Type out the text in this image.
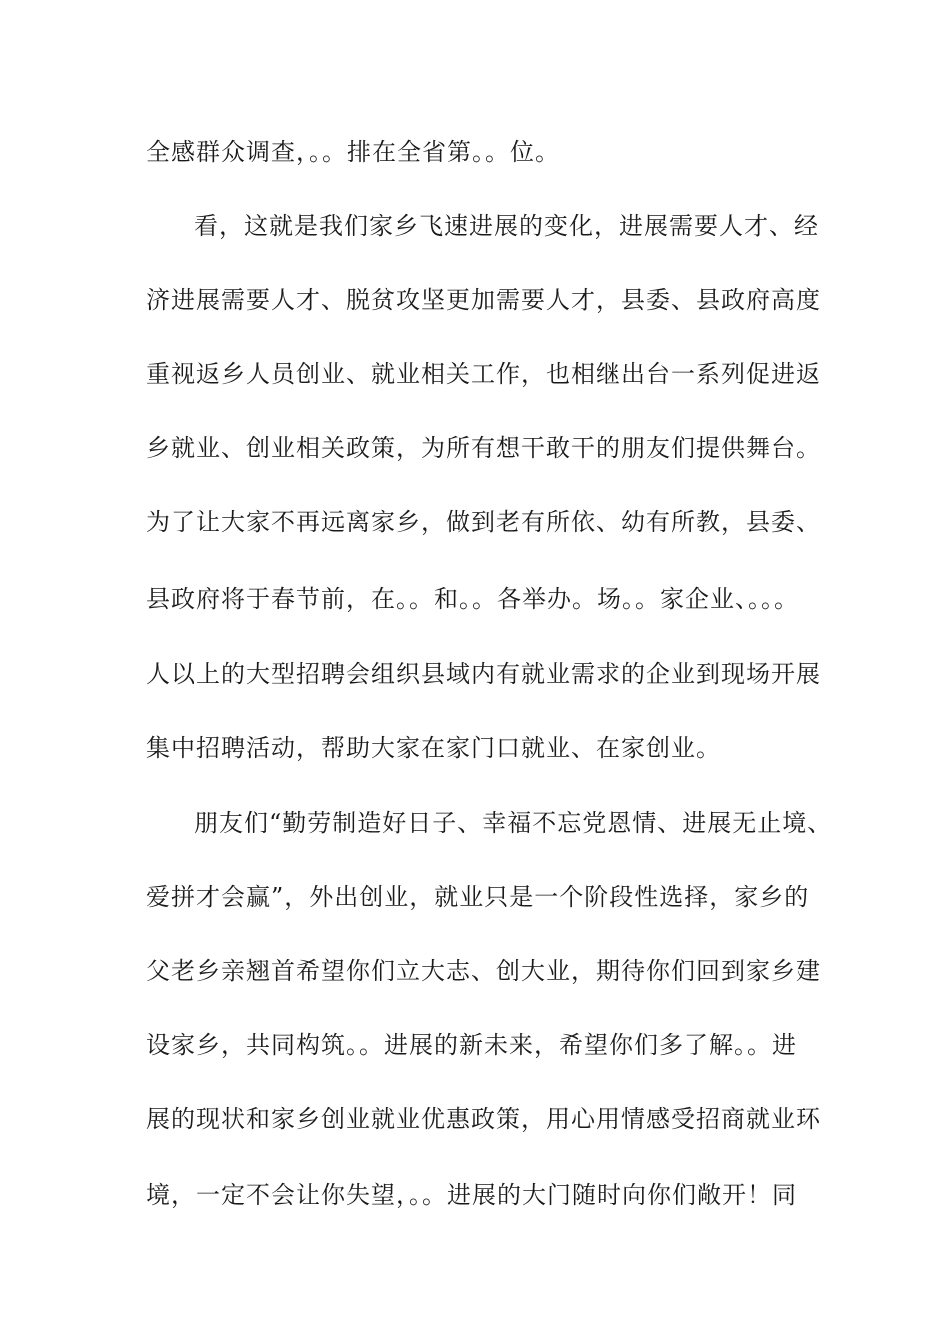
全感群众调查，。。排在全省第。。位。
看，这就是我们家乡飞速进展的变化，进展需要人才、经
济进展需要人才、脱贫攻坚更加需要人才，县委、县政府高度
重视返乡人员创业、就业相关工作，也相继出台一系列促进返
乡就业、创业相关政策，为所有想干敢干的朋友们提供舞台。
为了让大家不再远离家乡，做到老有所依、幼有所教，县委、
县政府将于春节前，在。。和。。各举办。场。。家企业、。。。
人以上的大型招聘会组织县域内有就业需求的企业到现场开展
集中招聘活动，帮助大家在家门口就业、在家创业。
朋友们“勤劳制造好日子、幸福不忘党恩情、进展无止境、
爱拼才会赢”，外出创业，就业只是一个阶段性选择，家乡的
父老乡亲翘首希望你们立大志、创大业，期待你们回到家乡建
设家乡，共同构筑。。进展的新未来，希望你们多了解。。进
展的现状和家乡创业就业优惠政策，用心用情感受招商就业环
境，一定不会让你失望，。。进展的大门随时向你们敞开！同
